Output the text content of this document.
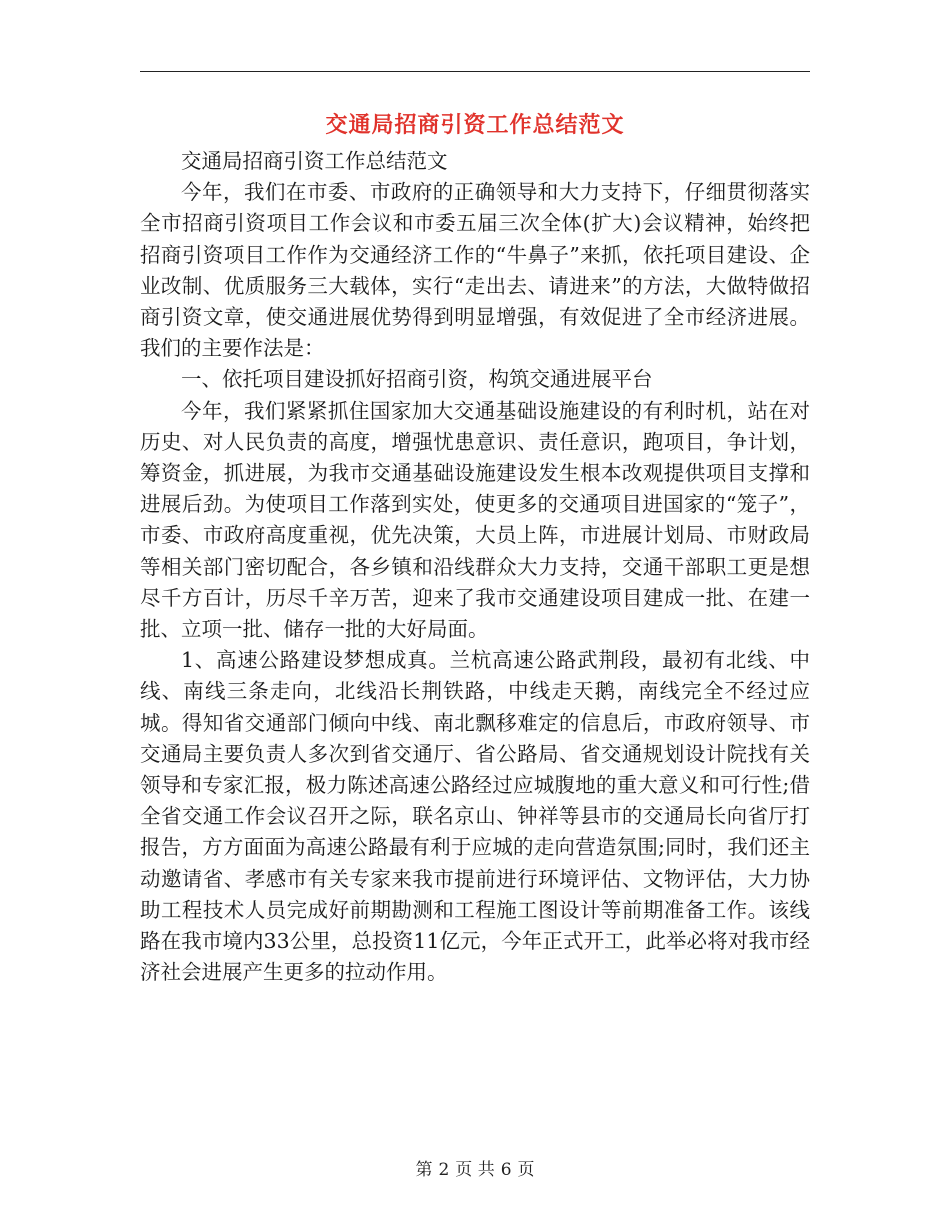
交通局招商引资工作总结范文

交通局招商引资工作总结范文

今年，我们在市委、市政府的正确领导和大力支持下，仔细贯彻落实全市招商引资项目工作会议和市委五届三次全体(扩大)会议精神，始终把招商引资项目工作作为交通经济工作的“牛鼻子”来抓，依托项目建设、企业改制、优质服务三大载体，实行“走出去、请进来”的方法，大做特做招商引资文章，使交通进展优势得到明显增强，有效促进了全市经济进展。我们的主要作法是：

一、依托项目建设抓好招商引资，构筑交通进展平台

今年，我们紧紧抓住国家加大交通基础设施建设的有利时机，站在对历史、对人民负责的高度，增强忧患意识、责任意识，跑项目，争计划，筹资金，抓进展，为我市交通基础设施建设发生根本改观提供项目支撑和进展后劲。为使项目工作落到实处，使更多的交通项目进国家的“笼子”，市委、市政府高度重视，优先决策，大员上阵，市进展计划局、市财政局等相关部门密切配合，各乡镇和沿线群众大力支持，交通干部职工更是想尽千方百计，历尽千辛万苦，迎来了我市交通建设项目建成一批、在建一批、立项一批、储存一批的大好局面。

1、高速公路建设梦想成真。兰杭高速公路武荆段，最初有北线、中线、南线三条走向，北线沿长荆铁路，中线走天鹅，南线完全不经过应城。得知省交通部门倾向中线、南北飘移难定的信息后，市政府领导、市交通局主要负责人多次到省交通厅、省公路局、省交通规划设计院找有关领导和专家汇报，极力陈述高速公路经过应城腹地的重大意义和可行性;借全省交通工作会议召开之际，联名京山、钟祥等县市的交通局长向省厅打报告，方方面面为高速公路最有利于应城的走向营造氛围;同时，我们还主动邀请省、孝感市有关专家来我市提前进行环境评估、文物评估，大力协助工程技术人员完成好前期勘测和工程施工图设计等前期准备工作。该线路在我市境内33公里，总投资11亿元，今年正式开工，此举必将对我市经济社会进展产生更多的拉动作用。

第 2 页 共 6 页
